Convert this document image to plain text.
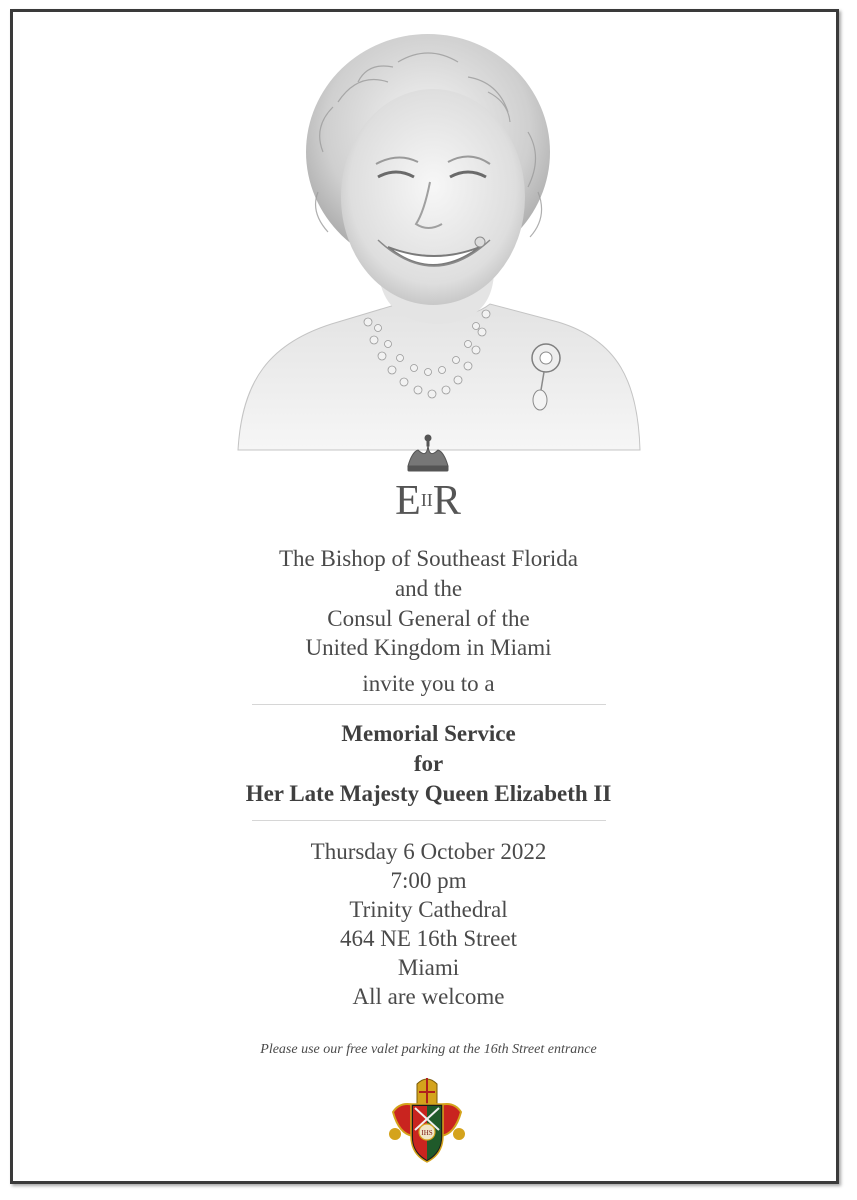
EIIR
The Bishop of Southeast Florida
and the
Consul General of the
United Kingdom in Miami
invite you to a
Memorial Service
for
Her Late Majesty Queen Elizabeth II
Thursday 6 October 2022
7:00 pm
Trinity Cathedral
464 NE 16th Street
Miami
All are welcome
Please use our free valet parking at the 16th Street entrance
IHS
